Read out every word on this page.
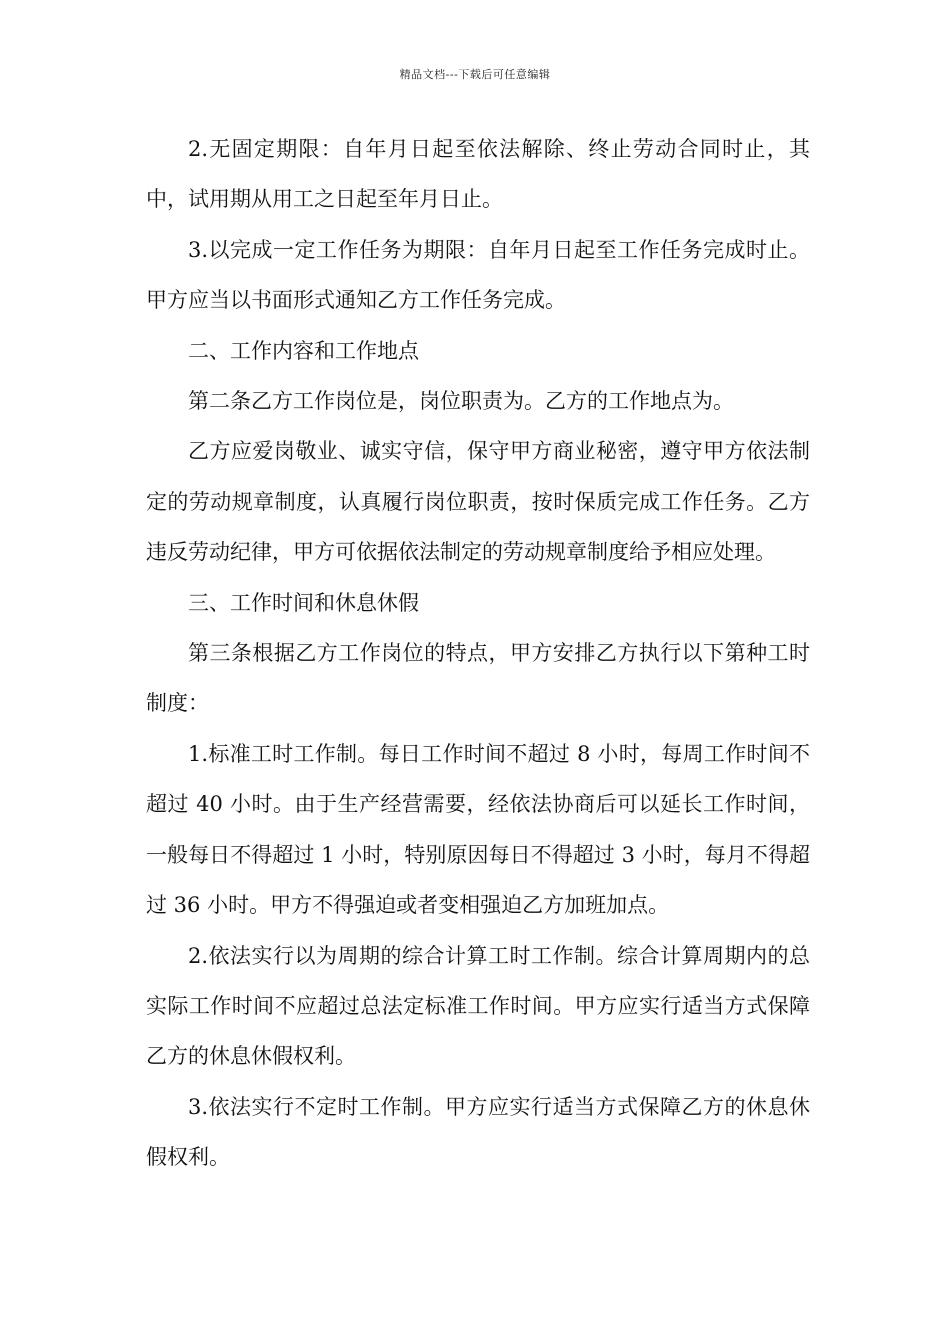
精品文档---下载后可任意编辑

2.无固定期限：自年月日起至依法解除、终止劳动合同时止，其中，试用期从用工之日起至年月日止。

3.以完成一定工作任务为期限：自年月日起至工作任务完成时止。甲方应当以书面形式通知乙方工作任务完成。

二、工作内容和工作地点

第二条乙方工作岗位是，岗位职责为。乙方的工作地点为。

乙方应爱岗敬业、诚实守信，保守甲方商业秘密，遵守甲方依法制定的劳动规章制度，认真履行岗位职责，按时保质完成工作任务。乙方违反劳动纪律，甲方可依据依法制定的劳动规章制度给予相应处理。

三、工作时间和休息休假

第三条根据乙方工作岗位的特点，甲方安排乙方执行以下第种工时制度：

1.标准工时工作制。每日工作时间不超过 8 小时，每周工作时间不超过 40 小时。由于生产经营需要，经依法协商后可以延长工作时间，一般每日不得超过 1 小时，特别原因每日不得超过 3 小时，每月不得超过 36 小时。甲方不得强迫或者变相强迫乙方加班加点。

2.依法实行以为周期的综合计算工时工作制。综合计算周期内的总实际工作时间不应超过总法定标准工作时间。甲方应实行适当方式保障乙方的休息休假权利。

3.依法实行不定时工作制。甲方应实行适当方式保障乙方的休息休假权利。
